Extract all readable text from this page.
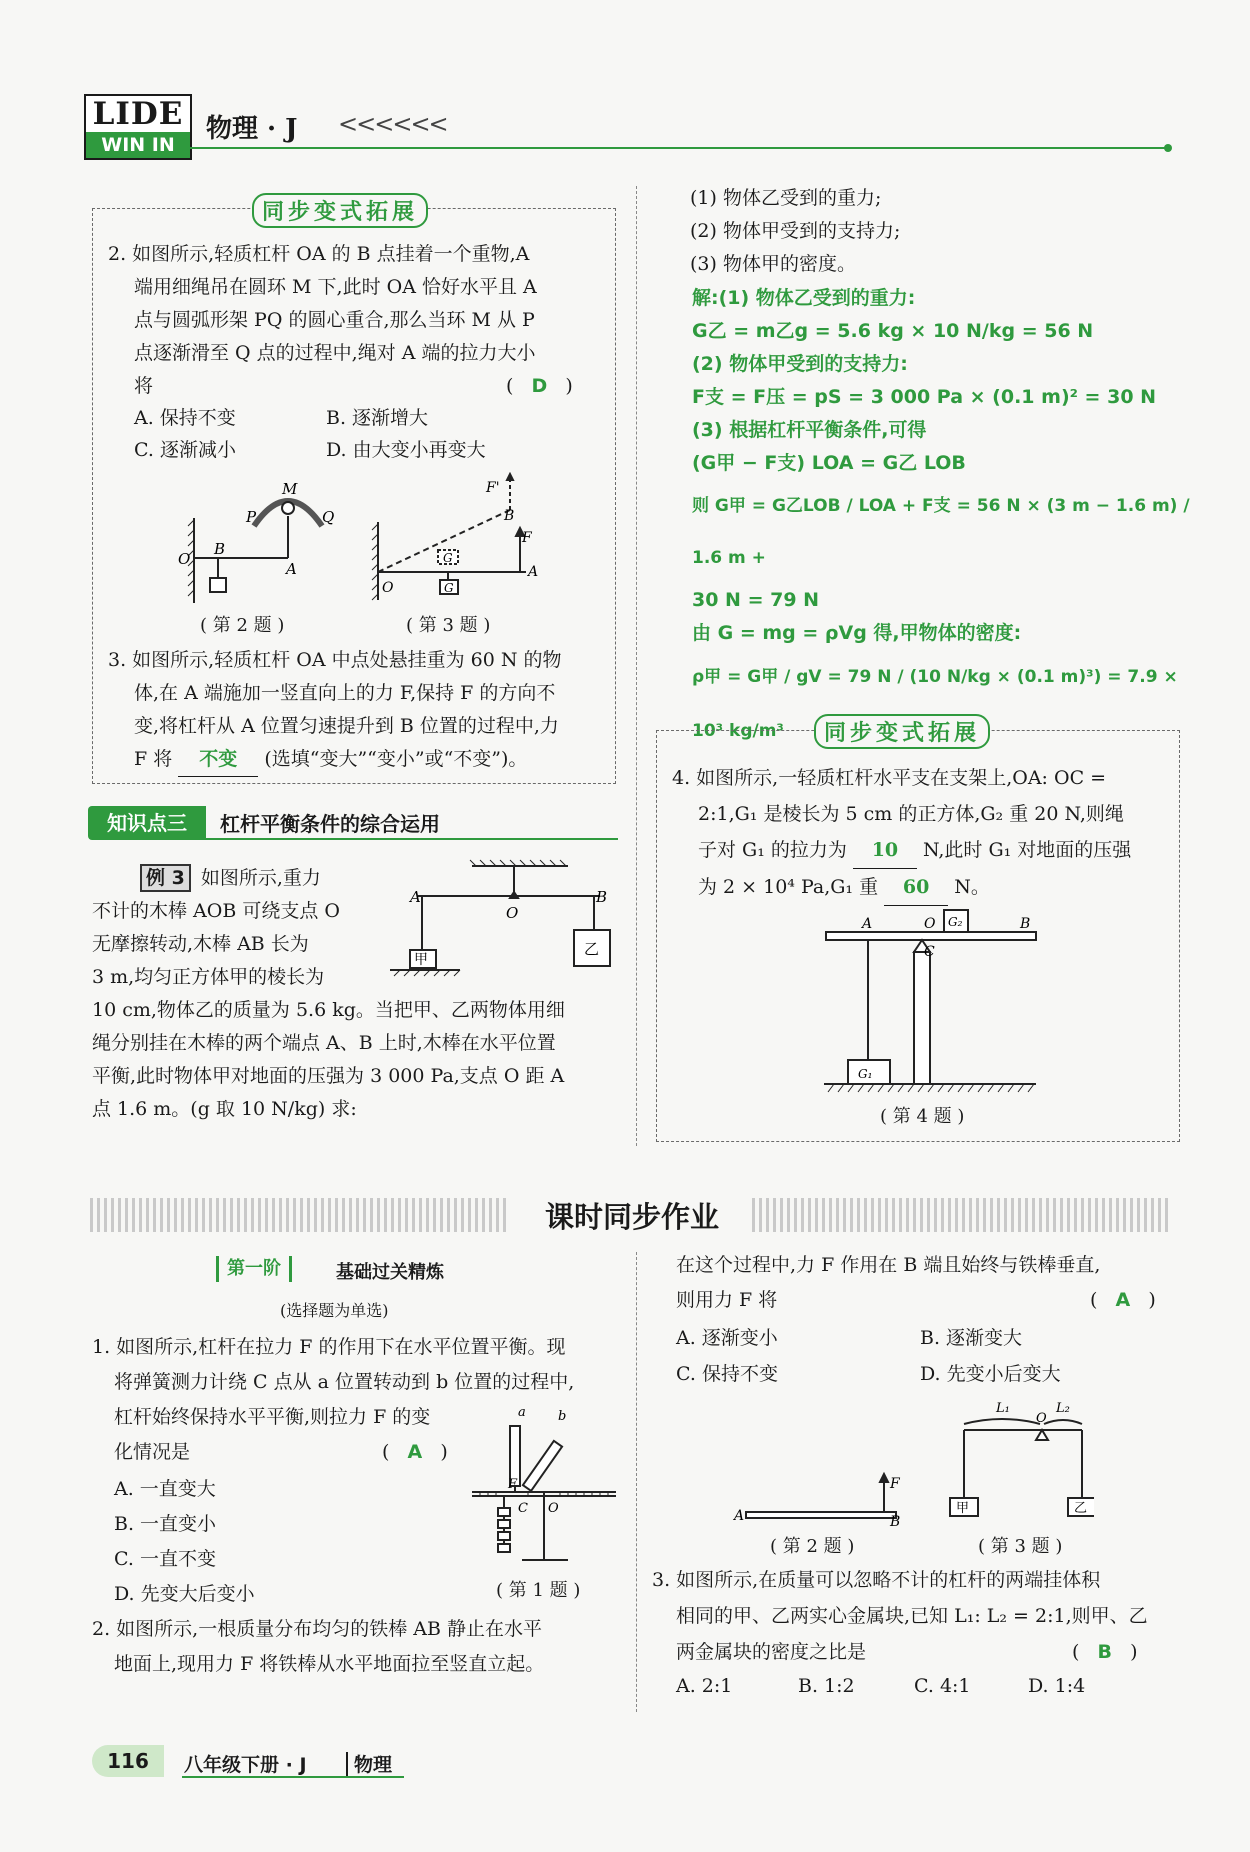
LIDE
WIN IN
物理 · J <<<<<<
同步变式拓展
2. 如图所示,轻质杠杆 OA 的 B 点挂着一个重物,A
端用细绳吊在圆环 M 下,此时 OA 恰好水平且 A
点与圆弧形架 PQ 的圆心重合,那么当环 M 从 P
点逐渐滑至 Q 点的过程中,绳对 A 端的拉力大小
将	(   D   )
A. 保持不变	B. 逐渐增大
C. 逐渐减小	D. 由大变小再变大
O
B
M
P	Q
A
( 第 2 题 )
O
A
B
F
F'
G
G
( 第 3 题 )
3. 如图所示,轻质杠杆 OA 中点处悬挂重为 60 N 的物
体,在 A 端施加一竖直向上的力 F,保持 F 的方向不
变,将杠杆从 A 位置匀速提升到 B 位置的过程中,力
F 将 不变 (选填“变大”“变小”或“不变”)。
知识点三	杠杆平衡条件的综合运用
例 3 如图所示,重力
不计的木棒 AOB 可绕支点 O
无摩擦转动,木棒 AB 长为
3 m,均匀正方体甲的棱长为
10 cm,物体乙的质量为 5.6 kg。当把甲、乙两物体用细
绳分别挂在木棒的两个端点 A、B 上时,木棒在水平位置
平衡,此时物体甲对地面的压强为 3 000 Pa,支点 O 距 A
点 1.6 m。(g 取 10 N/kg) 求:
A
O
B
甲
乙
(1) 物体乙受到的重力;
(2) 物体甲受到的支持力;
(3) 物体甲的密度。
解:(1) 物体乙受到的重力:
G乙 = m乙g = 5.6 kg × 10 N/kg = 56 N
(2) 物体甲受到的支持力:
F支 = F压 = pS = 3 000 Pa × (0.1 m)² = 30 N
(3) 根据杠杆平衡条件,可得
(G甲 − F支) LOA = G乙 LOB
则 G甲 = G乙LOB / LOA + F支 = 56 N × (3 m − 1.6 m) / 1.6 m +
30 N = 79 N
由 G = mg = ρVg 得,甲物体的密度:
ρ甲 = G甲 / gV = 79 N / (10 N/kg × (0.1 m)³) = 7.9 × 10³ kg/m³	同步变式拓展
4. 如图所示,一轻质杠杆水平支在支架上,OA: OC =
2:1,G₁ 是棱长为 5 cm 的正方体,G₂ 重 20 N,则绳
子对 G₁ 的拉力为 10 N,此时 G₁ 对地面的压强
为 2 × 10⁴ Pa,G₁ 重 60 N。
A	O	B
C
G₂
G₁
( 第 4 题 )
课时同步作业
第一阶	基础过关精炼
(选择题为单选)
1. 如图所示,杠杆在拉力 F 的作用下在水平位置平衡。现
将弹簧测力计绕 C 点从 a 位置转动到 b 位置的过程中,
杠杆始终保持水平平衡,则拉力 F 的变
化情况是	(   A   )
A. 一直变大
B. 一直变小
C. 一直不变
D. 先变大后变小
a b
F
C O
( 第 1 题 )
2. 如图所示,一根质量分布均匀的铁棒 AB 静止在水平
地面上,现用力 F 将铁棒从水平地面拉至竖直立起。
在这个过程中,力 F 作用在 B 端且始终与铁棒垂直,
则用力 F 将	(   A   )
A. 逐渐变小	B. 逐渐变大
C. 保持不变	D. 先变小后变大
A	B
F
( 第 2 题 )
L₁
O
L₂
甲	乙
( 第 3 题 )
3. 如图所示,在质量可以忽略不计的杠杆的两端挂体积
相同的甲、乙两实心金属块,已知 L₁: L₂ = 2:1,则甲、乙
两金属块的密度之比是	(   B   )
A. 2:1	B. 1:2	C. 4:1	D. 1:4
116	八年级下册 · J 物理
